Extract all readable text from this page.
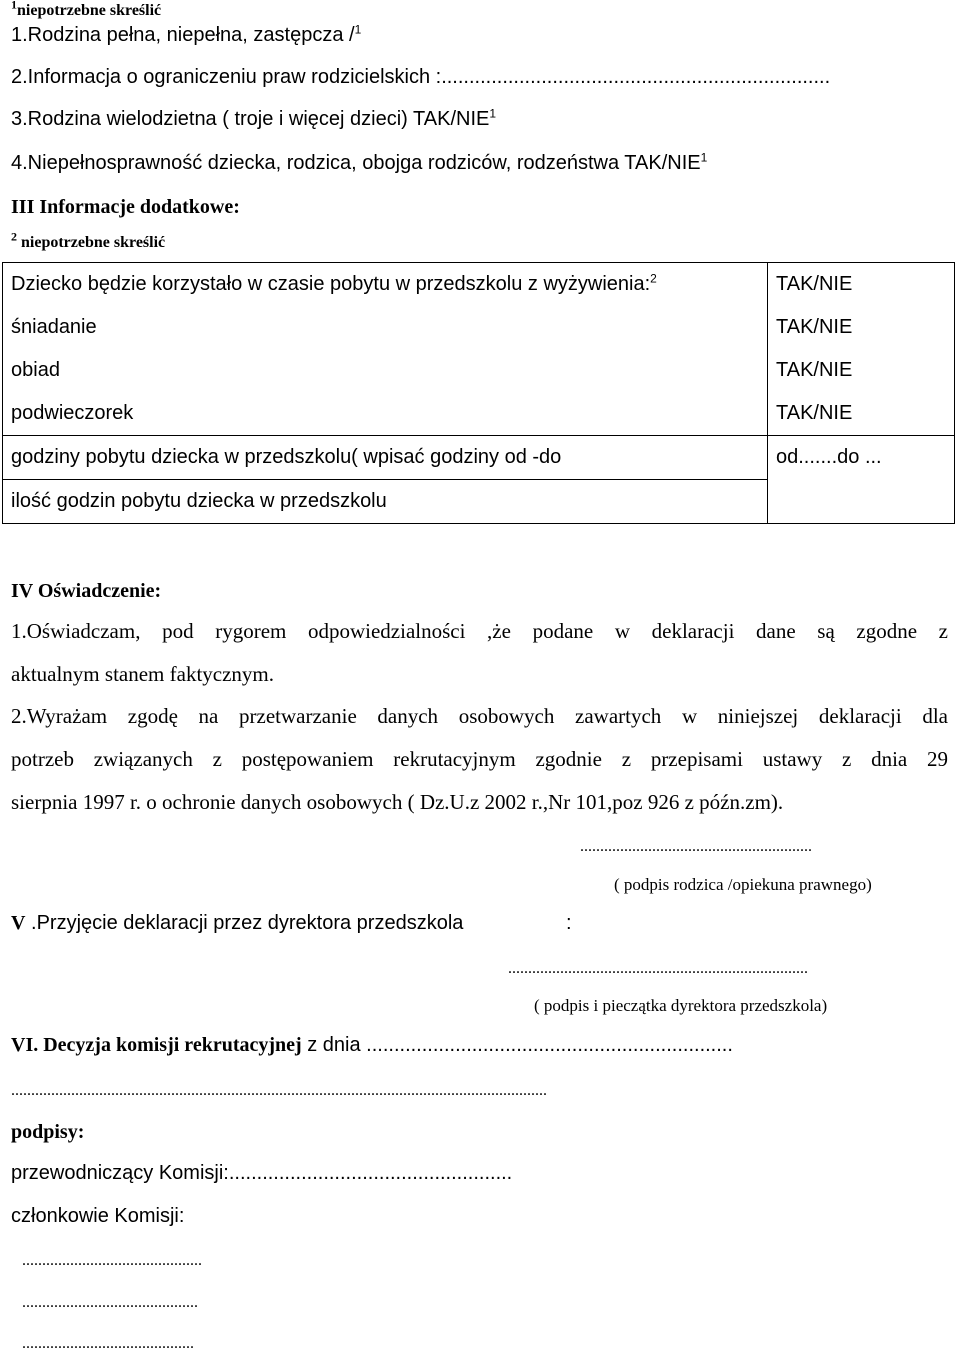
$^1$niepotrzebne skreślić
1.Rodzina pełna, niepełna, zastępcza /$^1$
2.Informacja o ograniczeniu praw rodzicielskich :......................................................................
3.Rodzina wielodzietna ( troje i więcej dzieci) TAK/NIE$^1$
4.Niepełnosprawność dziecka, rodzica, obojga rodziców, rodzeństwa TAK/NIE$^1$
III Informacje dodatkowe:
$^2$ niepotrzebne skreślić
Dziecko będzie korzystało w czasie pobytu w przedszkolu z wyżywienia:$^2$	TAK/NIE
śniadanie	TAK/NIE
obiad	TAK/NIE
podwieczorek	TAK/NIE
godziny pobytu dziecka w przedszkolu( wpisać godziny od -do	od.......do ...
ilość godzin pobytu dziecka w przedszkolu	
IV Oświadczenie:
1.Oświadczam, pod rygorem odpowiedzialności ,że podane w deklaracji dane są zgodne z
aktualnym stanem faktycznym.
2.Wyrażam zgodę na przetwarzanie danych osobowych zawartych w niniejszej deklaracji dla
potrzeb związanych z postępowaniem rekrutacyjnym zgodnie z przepisami ustawy z dnia 29
sierpnia 1997 r. o ochronie danych osobowych ( Dz.U.z 2002 r.,Nr 101,poz 926 z późn.zm).
..........................................................
( podpis rodzica /opiekuna prawnego)
V .Przyjęcie deklaracji przez dyrektora przedszkola	:
...........................................................................
( podpis i pieczątka dyrektora przedszkola)
VI. Decyzja komisji rekrutacyjnej z dnia ..................................................................
......................................................................................................................................
podpisy:
przewodniczący Komisji:...................................................
członkowie Komisji:
.............................................
............................................
...........................................
